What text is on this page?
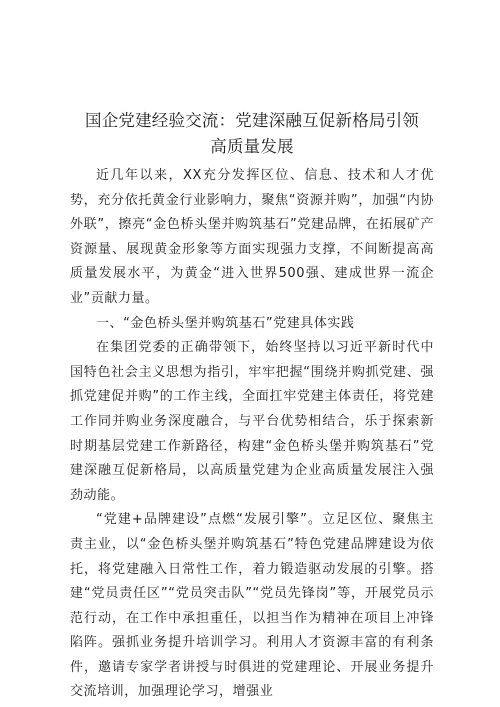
国企党建经验交流：党建深融互促新格局引领
高质量发展

近几年以来，XX充分发挥区位、信息、技术和人才优势，充分依托黄金行业影响力，聚焦“资源并购”，加强“内协外联”，擦亮“金色桥头堡并购筑基石”党建品牌，在拓展矿产资源量、展现黄金形象等方面实现强力支撑，不间断提高高质量发展水平，为黄金“进入世界500强、建成世界一流企业”贡献力量。

一、“金色桥头堡并购筑基石”党建具体实践

在集团党委的正确带领下，始终坚持以习近平新时代中国特色社会主义思想为指引，牢牢把握“围绕并购抓党建、强抓党建促并购”的工作主线，全面扛牢党建主体责任，将党建工作同并购业务深度融合，与平台优势相结合，乐于探索新时期基层党建工作新路径，构建“金色桥头堡并购筑基石”党建深融互促新格局，以高质量党建为企业高质量发展注入强劲动能。

“党建+品牌建设”点燃“发展引擎”。立足区位、聚焦主责主业，以“金色桥头堡并购筑基石”特色党建品牌建设为依托，将党建融入日常性工作，着力锻造驱动发展的引擎。搭建“党员责任区”“党员突击队”“党员先锋岗”等，开展党员示范行动，在工作中承担重任，以担当作为精神在项目上冲锋陷阵。强抓业务提升培训学习。利用人才资源丰富的有利条件，邀请专家学者讲授与时俱进的党建理论、开展业务提升交流培训，加强理论学习，增强业
